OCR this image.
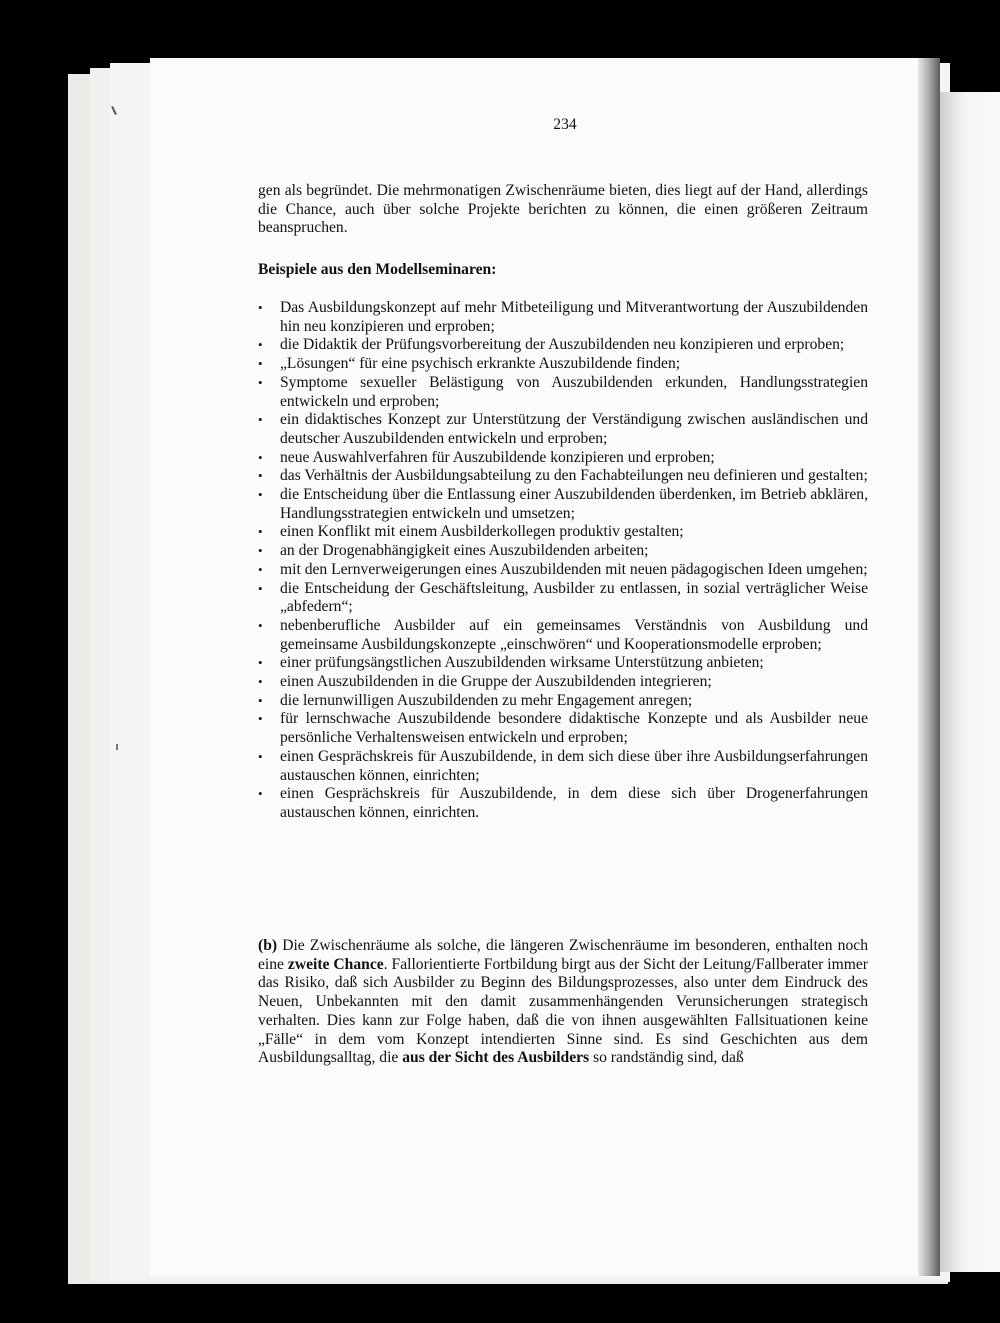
234

gen als begründet. Die mehrmonatigen Zwischenräume bieten, dies liegt auf der Hand, allerdings die Chance, auch über solche Projekte berichten zu können, die einen größeren Zeitraum beanspruchen.

Beispiele aus den Modellseminaren:

• Das Ausbildungskonzept auf mehr Mitbeteiligung und Mitverantwortung der Auszubildenden hin neu konzipieren und erproben;
• die Didaktik der Prüfungsvorbereitung der Auszubildenden neu konzipieren und erproben;
• „Lösungen“ für eine psychisch erkrankte Auszubildende finden;
• Symptome sexueller Belästigung von Auszubildenden erkunden, Handlungsstrategien entwickeln und erproben;
• ein didaktisches Konzept zur Unterstützung der Verständigung zwischen ausländischen und deutscher Auszubildenden entwickeln und erproben;
• neue Auswahlverfahren für Auszubildende konzipieren und erproben;
• das Verhältnis der Ausbildungsabteilung zu den Fachabteilungen neu definieren und gestalten;
• die Entscheidung über die Entlassung einer Auszubildenden überdenken, im Betrieb abklären, Handlungsstrategien entwickeln und umsetzen;
• einen Konflikt mit einem Ausbilderkollegen produktiv gestalten;
• an der Drogenabhängigkeit eines Auszubildenden arbeiten;
• mit den Lernverweigerungen eines Auszubildenden mit neuen pädagogischen Ideen umgehen;
• die Entscheidung der Geschäftsleitung, Ausbilder zu entlassen, in sozial verträglicher Weise „abfedern“;
• nebenberufliche Ausbilder auf ein gemeinsames Verständnis von Ausbildung und gemeinsame Ausbildungskonzepte „einschwören“ und Kooperationsmodelle erproben;
• einer prüfungsängstlichen Auszubildenden wirksame Unterstützung anbieten;
• einen Auszubildenden in die Gruppe der Auszubildenden integrieren;
• die lernunwilligen Auszubildenden zu mehr Engagement anregen;
• für lernschwache Auszubildende besondere didaktische Konzepte und als Ausbilder neue persönliche Verhaltensweisen entwickeln und erproben;
• einen Gesprächskreis für Auszubildende, in dem sich diese über ihre Ausbildungserfahrungen austauschen können, einrichten;
• einen Gesprächskreis für Auszubildende, in dem diese sich über Drogenerfahrungen austauschen können, einrichten.

(b) Die Zwischenräume als solche, die längeren Zwischenräume im besonderen, enthalten noch eine zweite Chance. Fallorientierte Fortbildung birgt aus der Sicht der Leitung/Fallberater immer das Risiko, daß sich Ausbilder zu Beginn des Bildungsprozesses, also unter dem Eindruck des Neuen, Unbekannten mit den damit zusammenhängenden Verunsicherungen strategisch verhalten. Dies kann zur Folge haben, daß die von ihnen ausgewählten Fallsituationen keine „Fälle“ in dem vom Konzept intendierten Sinne sind. Es sind Geschichten aus dem Ausbildungsalltag, die aus der Sicht des Ausbilders so randständig sind, daß
